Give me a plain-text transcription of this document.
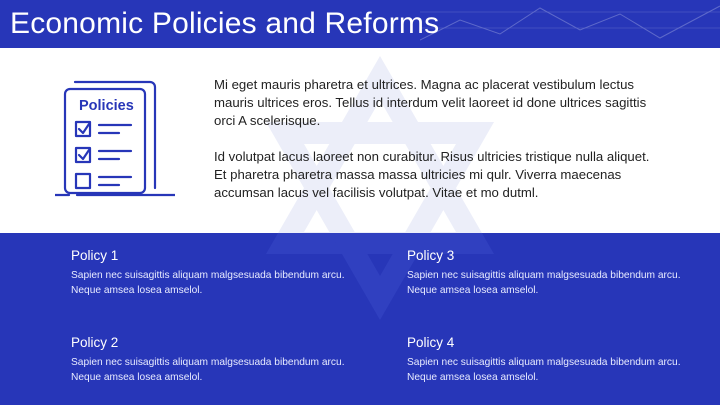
Economic Policies and Reforms
Policies

Mi eget mauris pharetra et ultrices. Magna ac placerat vestibulum lectus mauris ultrices eros. Tellus id interdum velit laoreet id done ultrices sagittis orci A scelerisque.

Id volutpat lacus laoreet non curabitur. Risus ultricies tristique nulla aliquet. Et pharetra pharetra massa massa ultricies mi qulr. Viverra maecenas accumsan lacus vel facilisis volutpat. Vitae et mo dutml.

Policy 1

Sapien nec suisagittis aliquam malgsesuada bibendum arcu. Neque amsea losea amselol.

Policy 3

Sapien nec suisagittis aliquam malgsesuada bibendum arcu. Neque amsea losea amselol.

Policy 2

Sapien nec suisagittis aliquam malgsesuada bibendum arcu. Neque amsea losea amselol.

Policy 4

Sapien nec suisagittis aliquam malgsesuada bibendum arcu. Neque amsea losea amselol.
